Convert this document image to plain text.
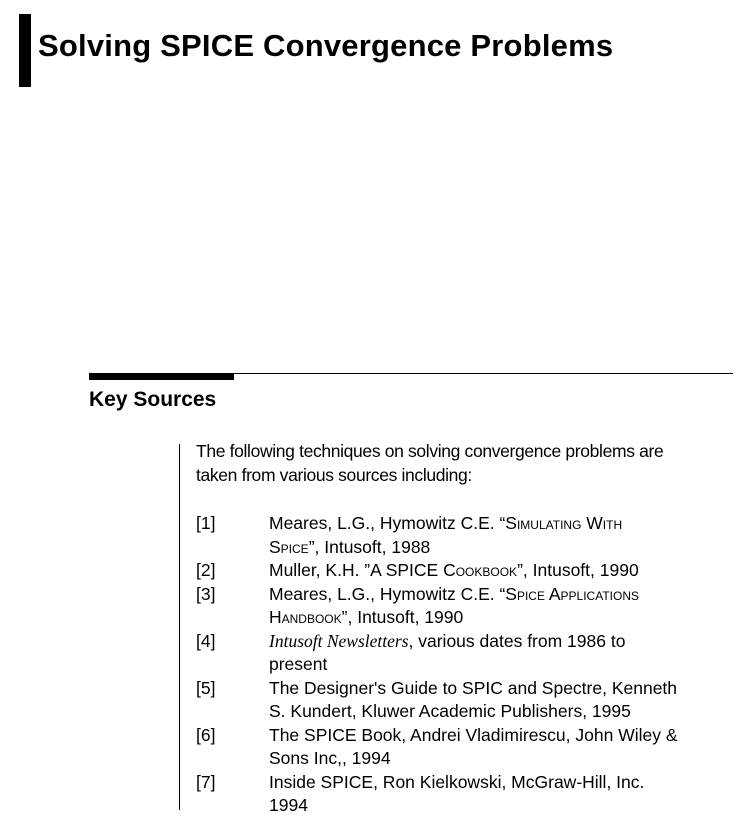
Solving SPICE Convergence Problems
Key Sources

The following techniques on solving convergence problems are
taken from various sources including:

[1]	Meares, L.G., Hymowitz C.E. “Simulating With
Spice”, Intusoft, 1988
[2]	Muller, K.H. ”A SPICE Cookbook”, Intusoft, 1990
[3]	Meares, L.G., Hymowitz C.E. “Spice Applications
Handbook”, Intusoft, 1990
[4]	Intusoft Newsletters, various dates from 1986 to
present
[5]	The Designer's Guide to SPIC and Spectre, Kenneth
S. Kundert, Kluwer Academic Publishers, 1995
[6]	The SPICE Book, Andrei Vladimirescu, John Wiley &
Sons Inc,, 1994
[7]	Inside SPICE, Ron Kielkowski, McGraw-Hill, Inc.
1994
